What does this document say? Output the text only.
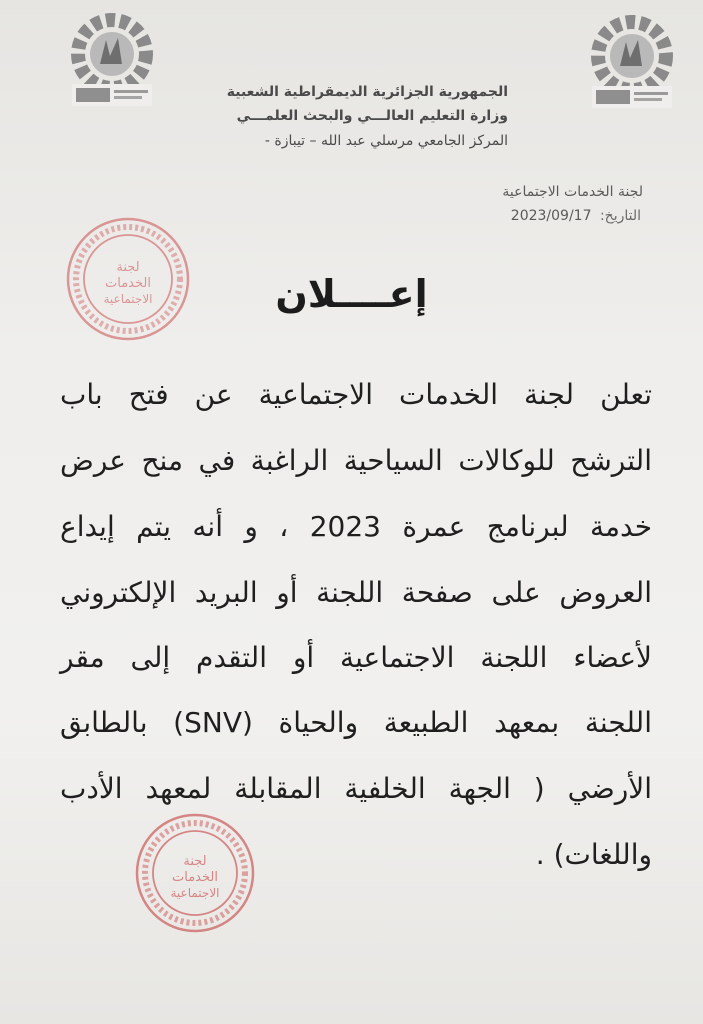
الجمهورية الجزائرية الديمقراطية الشعبية
وزارة التعليم العالـــي والبحث العلمـــي
المركز الجامعي مرسلي عبد الله – تيبازة -
لجنة الخدمات الاجتماعية
التاريخ: 2023/09/17
لجنة
الخدمات
الاجتماعية	إعــــلان
تعلن لجنة الخدمات الاجتماعية عن فتح باب
الترشح للوكالات السياحية الراغبة في منح عرض
خدمة لبرنامج عمرة 2023 ، و أنه يتم إيداع
العروض على صفحة اللجنة أو البريد الإلكتروني
لأعضاء اللجنة الاجتماعية أو التقدم إلى مقر
اللجنة بمعهد الطبيعة والحياة (SNV) بالطابق
الأرضي ( الجهة الخلفية المقابلة لمعهد الأدب
واللغات) .
لجنة
الخدمات
الاجتماعية
